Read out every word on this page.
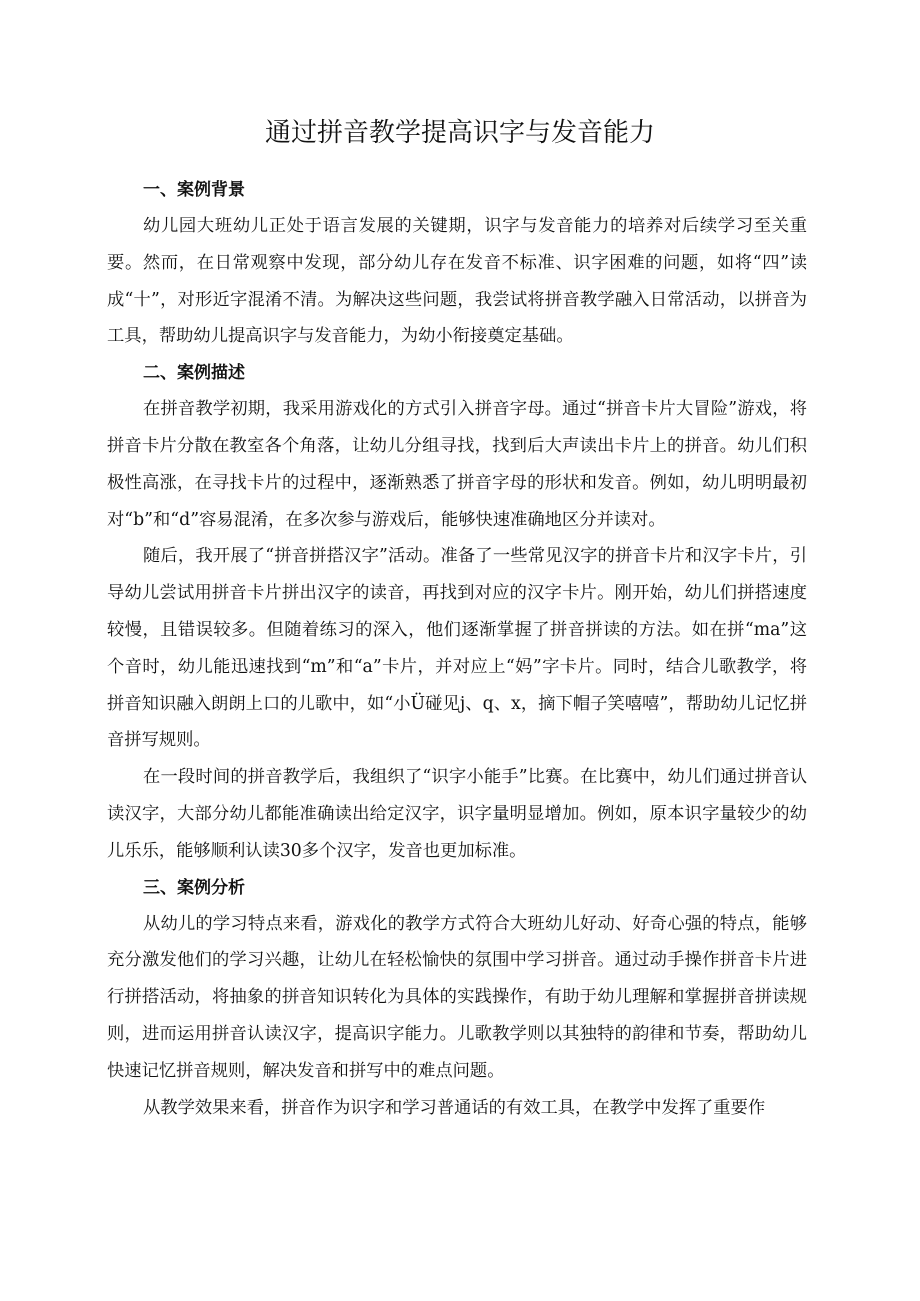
通过拼音教学提高识字与发音能力
一、案例背景

幼儿园大班幼儿正处于语言发展的关键期，识字与发音能力的培养对后续学习至关重要。然而，在日常观察中发现，部分幼儿存在发音不标准、识字困难的问题，如将“四”读成“十”，对形近字混淆不清。为解决这些问题，我尝试将拼音教学融入日常活动，以拼音为工具，帮助幼儿提高识字与发音能力，为幼小衔接奠定基础。

二、案例描述

在拼音教学初期，我采用游戏化的方式引入拼音字母。通过“拼音卡片大冒险”游戏，将拼音卡片分散在教室各个角落，让幼儿分组寻找，找到后大声读出卡片上的拼音。幼儿们积极性高涨，在寻找卡片的过程中，逐渐熟悉了拼音字母的形状和发音。例如，幼儿明明最初对“b”和“d”容易混淆，在多次参与游戏后，能够快速准确地区分并读对。

随后，我开展了“拼音拼搭汉字”活动。准备了一些常见汉字的拼音卡片和汉字卡片，引导幼儿尝试用拼音卡片拼出汉字的读音，再找到对应的汉字卡片。刚开始，幼儿们拼搭速度较慢，且错误较多。但随着练习的深入，他们逐渐掌握了拼音拼读的方法。如在拼“ma”这个音时，幼儿能迅速找到“m”和“a”卡片，并对应上“妈”字卡片。同时，结合儿歌教学，将拼音知识融入朗朗上口的儿歌中，如“小Ü碰见j、q、x，摘下帽子笑嘻嘻”，帮助幼儿记忆拼音拼写规则。

在一段时间的拼音教学后，我组织了“识字小能手”比赛。在比赛中，幼儿们通过拼音认读汉字，大部分幼儿都能准确读出给定汉字，识字量明显增加。例如，原本识字量较少的幼儿乐乐，能够顺利认读30多个汉字，发音也更加标准。

三、案例分析

从幼儿的学习特点来看，游戏化的教学方式符合大班幼儿好动、好奇心强的特点，能够充分激发他们的学习兴趣，让幼儿在轻松愉快的氛围中学习拼音。通过动手操作拼音卡片进行拼搭活动，将抽象的拼音知识转化为具体的实践操作，有助于幼儿理解和掌握拼音拼读规则，进而运用拼音认读汉字，提高识字能力。儿歌教学则以其独特的韵律和节奏，帮助幼儿快速记忆拼音规则，解决发音和拼写中的难点问题。

从教学效果来看，拼音作为识字和学习普通话的有效工具，在教学中发挥了重要作
